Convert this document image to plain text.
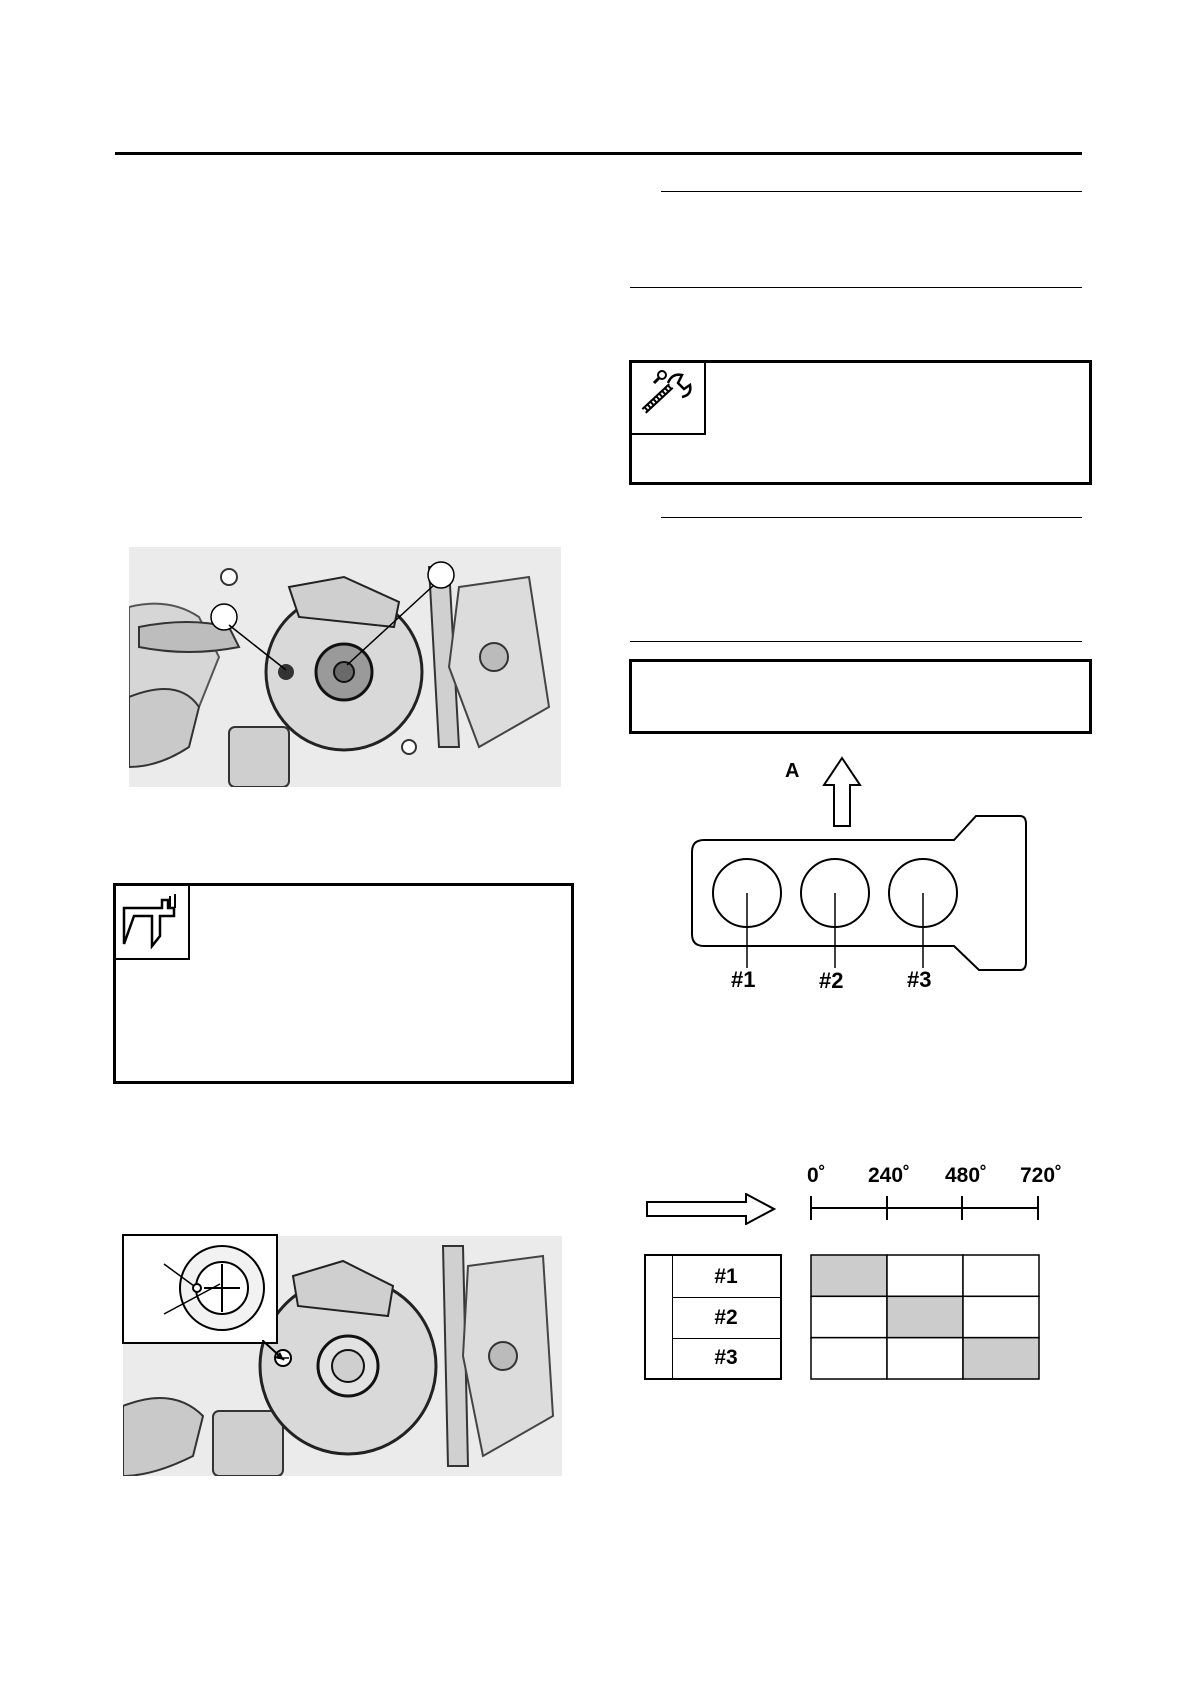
A
#1	#2	#3
0˚ 240˚ 480˚ 720˚
#1
#2
#3
